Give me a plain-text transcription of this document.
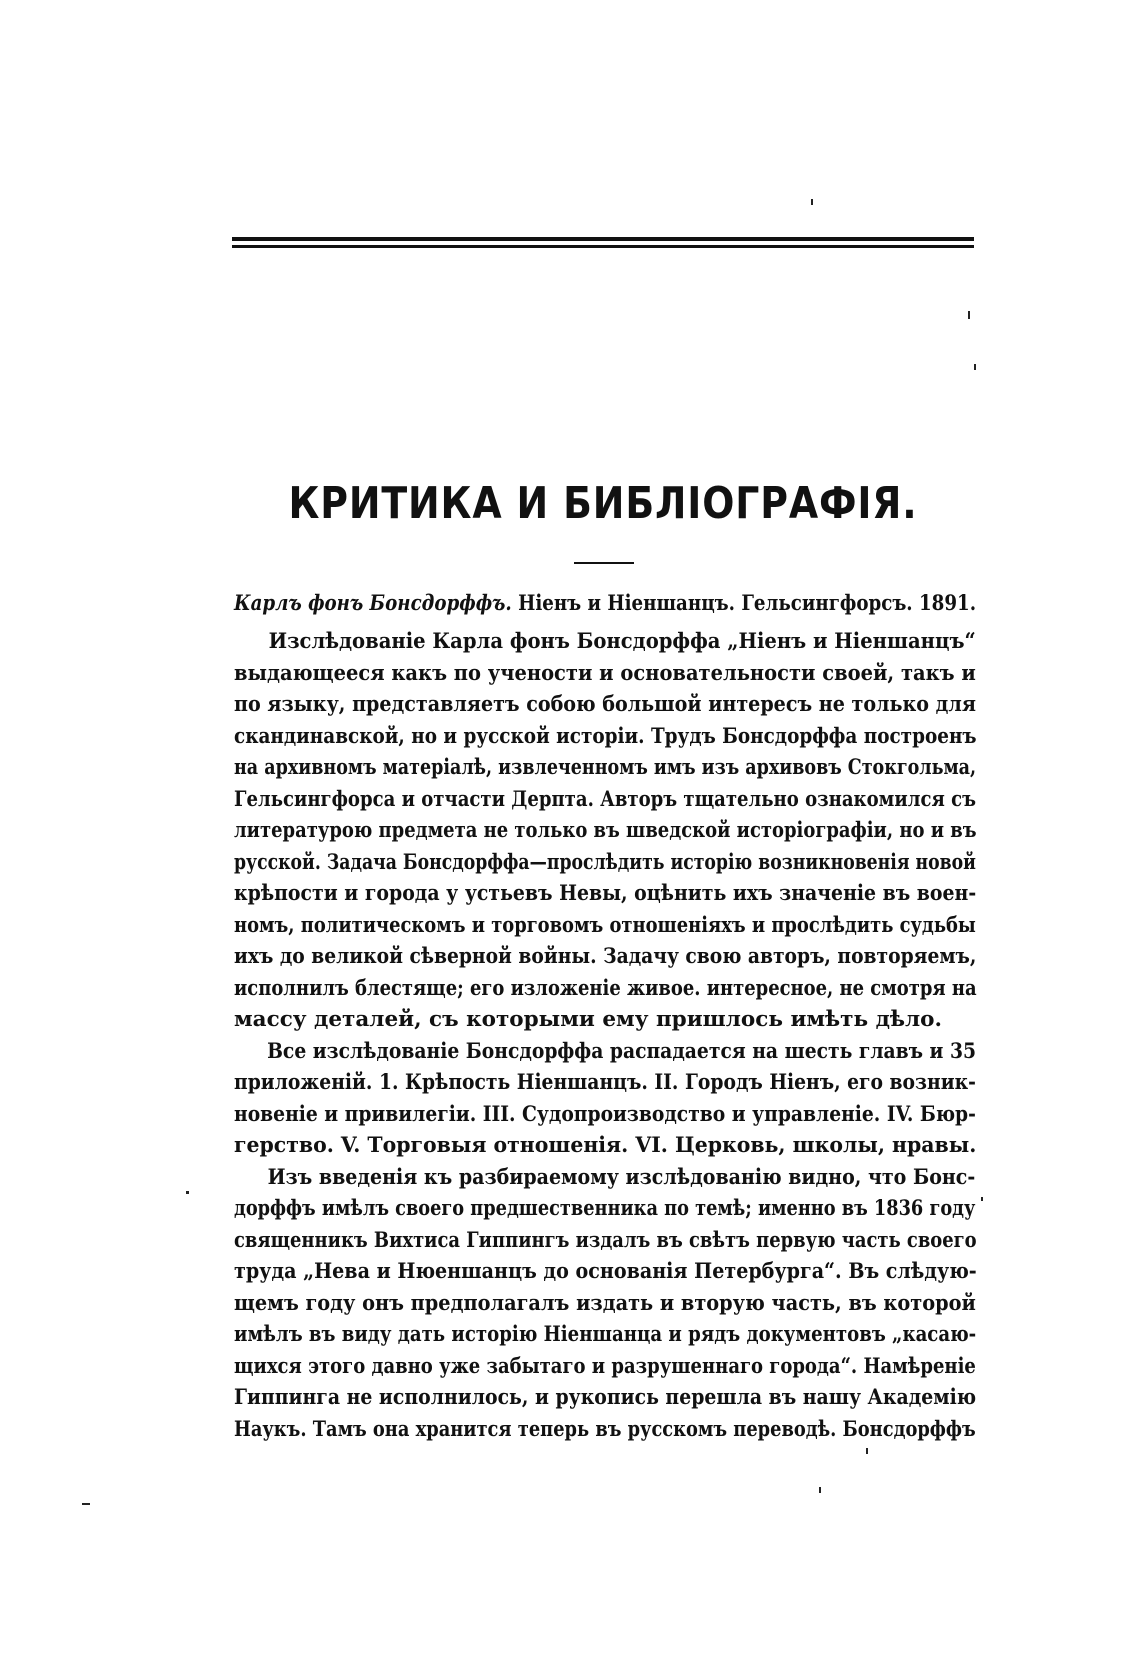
КРИТИКА И БИБЛІОГРАФІЯ.
Карлъ фонъ Бонсдорффъ. Ніенъ и Ніеншанцъ. Гельсингфорсъ. 1891.
Изслѣдованіе Карла фонъ Бонсдорффа „Ніенъ и Ніеншанцъ“
выдающееся какъ по учености и основательности своей, такъ и
по языку, представляетъ собою большой интересъ не только для
скандинавской, но и русской исторіи. Трудъ Бонсдорффа построенъ
на архивномъ матеріалѣ, извлеченномъ имъ изъ архивовъ Стокгольма,
Гельсингфорса и отчасти Дерпта. Авторъ тщательно ознакомился съ
литературою предмета не только въ шведской исторіографіи, но и въ
русской. Задача Бонсдорффа—прослѣдить исторію возникновенія новой
крѣпости и города у устьевъ Невы, оцѣнить ихъ значеніе въ воен-
номъ, политическомъ и торговомъ отношеніяхъ и прослѣдить судьбы
ихъ до великой сѣверной войны. Задачу свою авторъ, повторяемъ,
исполнилъ блестяще; его изложеніе живое. интересное, не смотря на
массу деталей, съ которыми ему пришлось имѣть дѣло.
Все изслѣдованіе Бонсдорффа распадается на шесть главъ и 35
приложеній. 1. Крѣпость Ніеншанцъ. II. Городъ Ніенъ, его возник-
новеніе и привилегіи. III. Судопроизводство и управленіе. IV. Бюр-
герство. V. Торговыя отношенія. VI. Церковь, школы, нравы.
Изъ введенія къ разбираемому изслѣдованію видно, что Бонс-
дорффъ имѣлъ своего предшественника по темѣ; именно въ 1836 году
священникъ Вихтиса Гиппингъ издалъ въ свѣтъ первую часть своего
труда „Нева и Нюеншанцъ до основанія Петербурга“. Въ слѣдую-
щемъ году онъ предполагалъ издать и вторую часть, въ которой
имѣлъ въ виду дать исторію Ніеншанца и рядъ документовъ „касаю-
щихся этого давно уже забытаго и разрушеннаго города“. Намѣреніе
Гиппинга не исполнилось, и рукопись перешла въ нашу Академію
Наукъ. Тамъ она хранится теперь въ русскомъ переводѣ. Бонсдорффъ
